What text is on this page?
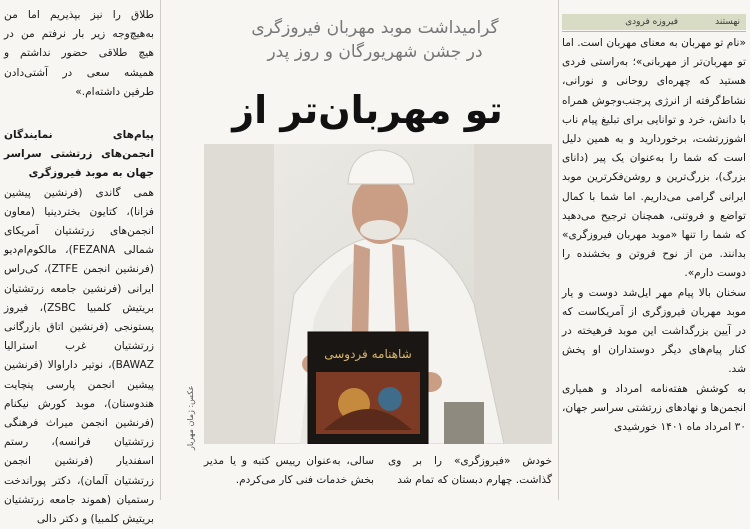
نهستند
فیروزه فرودی

طلاق را نیز بپذیریم اما من به‌هیچ‌وجه زیر بار نرفتم من در هیچ طلاقی حضور نداشتم و همیشه سعی در آشتی‌دادن طرفین داشته‌ام.»

پیام‌های نمایندگان انجمن‌های زرتشتی سراسر جهان به موبد فیروزگری
همی گاندی (فرنشین پیشین فزانا)، کتایون بختردینیا (معاون انجمن‌های زرتشتیان آمریکای شمالی FEZANA)، مالکوم‌ام‌دیو (فرنشین انجمن ZTFE)، کی‌راس ایرانی (فرنشین جامعه زرتشتیان بریتیش کلمبیا ZSBC)، فیروز پستونجی (فرنشین اتاق بازرگانی زرتشتیان غرب استرالیا BAWAZ)، نوتیر داراوالا (فرنشین پیشین انجمن پارسی پنچایت هندوستان)، موبد کورش نیکنام (فرنشین انجمن میراث فرهنگی زرتشتیان فرانسه)، رستم اسفندیار (فرنشین انجمن زرتشتیان آلمان)، دکتر پوراندخت رستمیان (هموند جامعه زرتشتیان بریتیش کلمبیا) و دکتر دالی

گرامیداشت موبد مهربان فیروزگری
در جشن شهریورگان و روز پدر
تو مهربان‌تر از
شاهنامه فردوسی
عکس: ژمان مهریار
خودش «فیروزگری» را بر وی گذاشت. چهارم دبستان که تمام شد
سالی، به‌عنوان رییس کتبه و یا مدیر بخش خدمات فنی کار می‌کردم.

«نام تو مهربان به معنای مهربان است. اما تو مهربان‌تر از مهربانی»؛ به‌راستی فردی هستید که چهره‌ای روحانی و نورانی، نشاط‌گرفته از انرژی پرجنب‌وجوش همراه با دانش، خرد و توانایی برای تبلیغ پیام ناب اشوزرتشت، برخوردارید و به همین دلیل است که شما را به‌عنوان یک پیر (دانای بزرگ)، بزرگ‌ترین و روشن‌فکرترین موبد ایرانی گرامی می‌داریم. اما شما با کمال تواضع و فروتنی، همچنان ترجیح می‌دهید که شما را تنها «موبد مهربان فیروزگری» بدانند. من از نوح فروتن و بخشنده را دوست دارم».

سخنان بالا پیام مهر ایل‌شد دوست و یار موبد مهربان فیروزگری از آمریکاست که در آیین بزرگداشت این موبد فرهیخته در کنار پیام‌های دیگر دوستداران او پخش شد.

به کوشش هفته‌نامه امرداد و همیاری انجمن‌ها و نهادهای زرتشتی سراسر جهان، ۳۰ امرداد ماه ۱۴۰۱ خورشیدی
